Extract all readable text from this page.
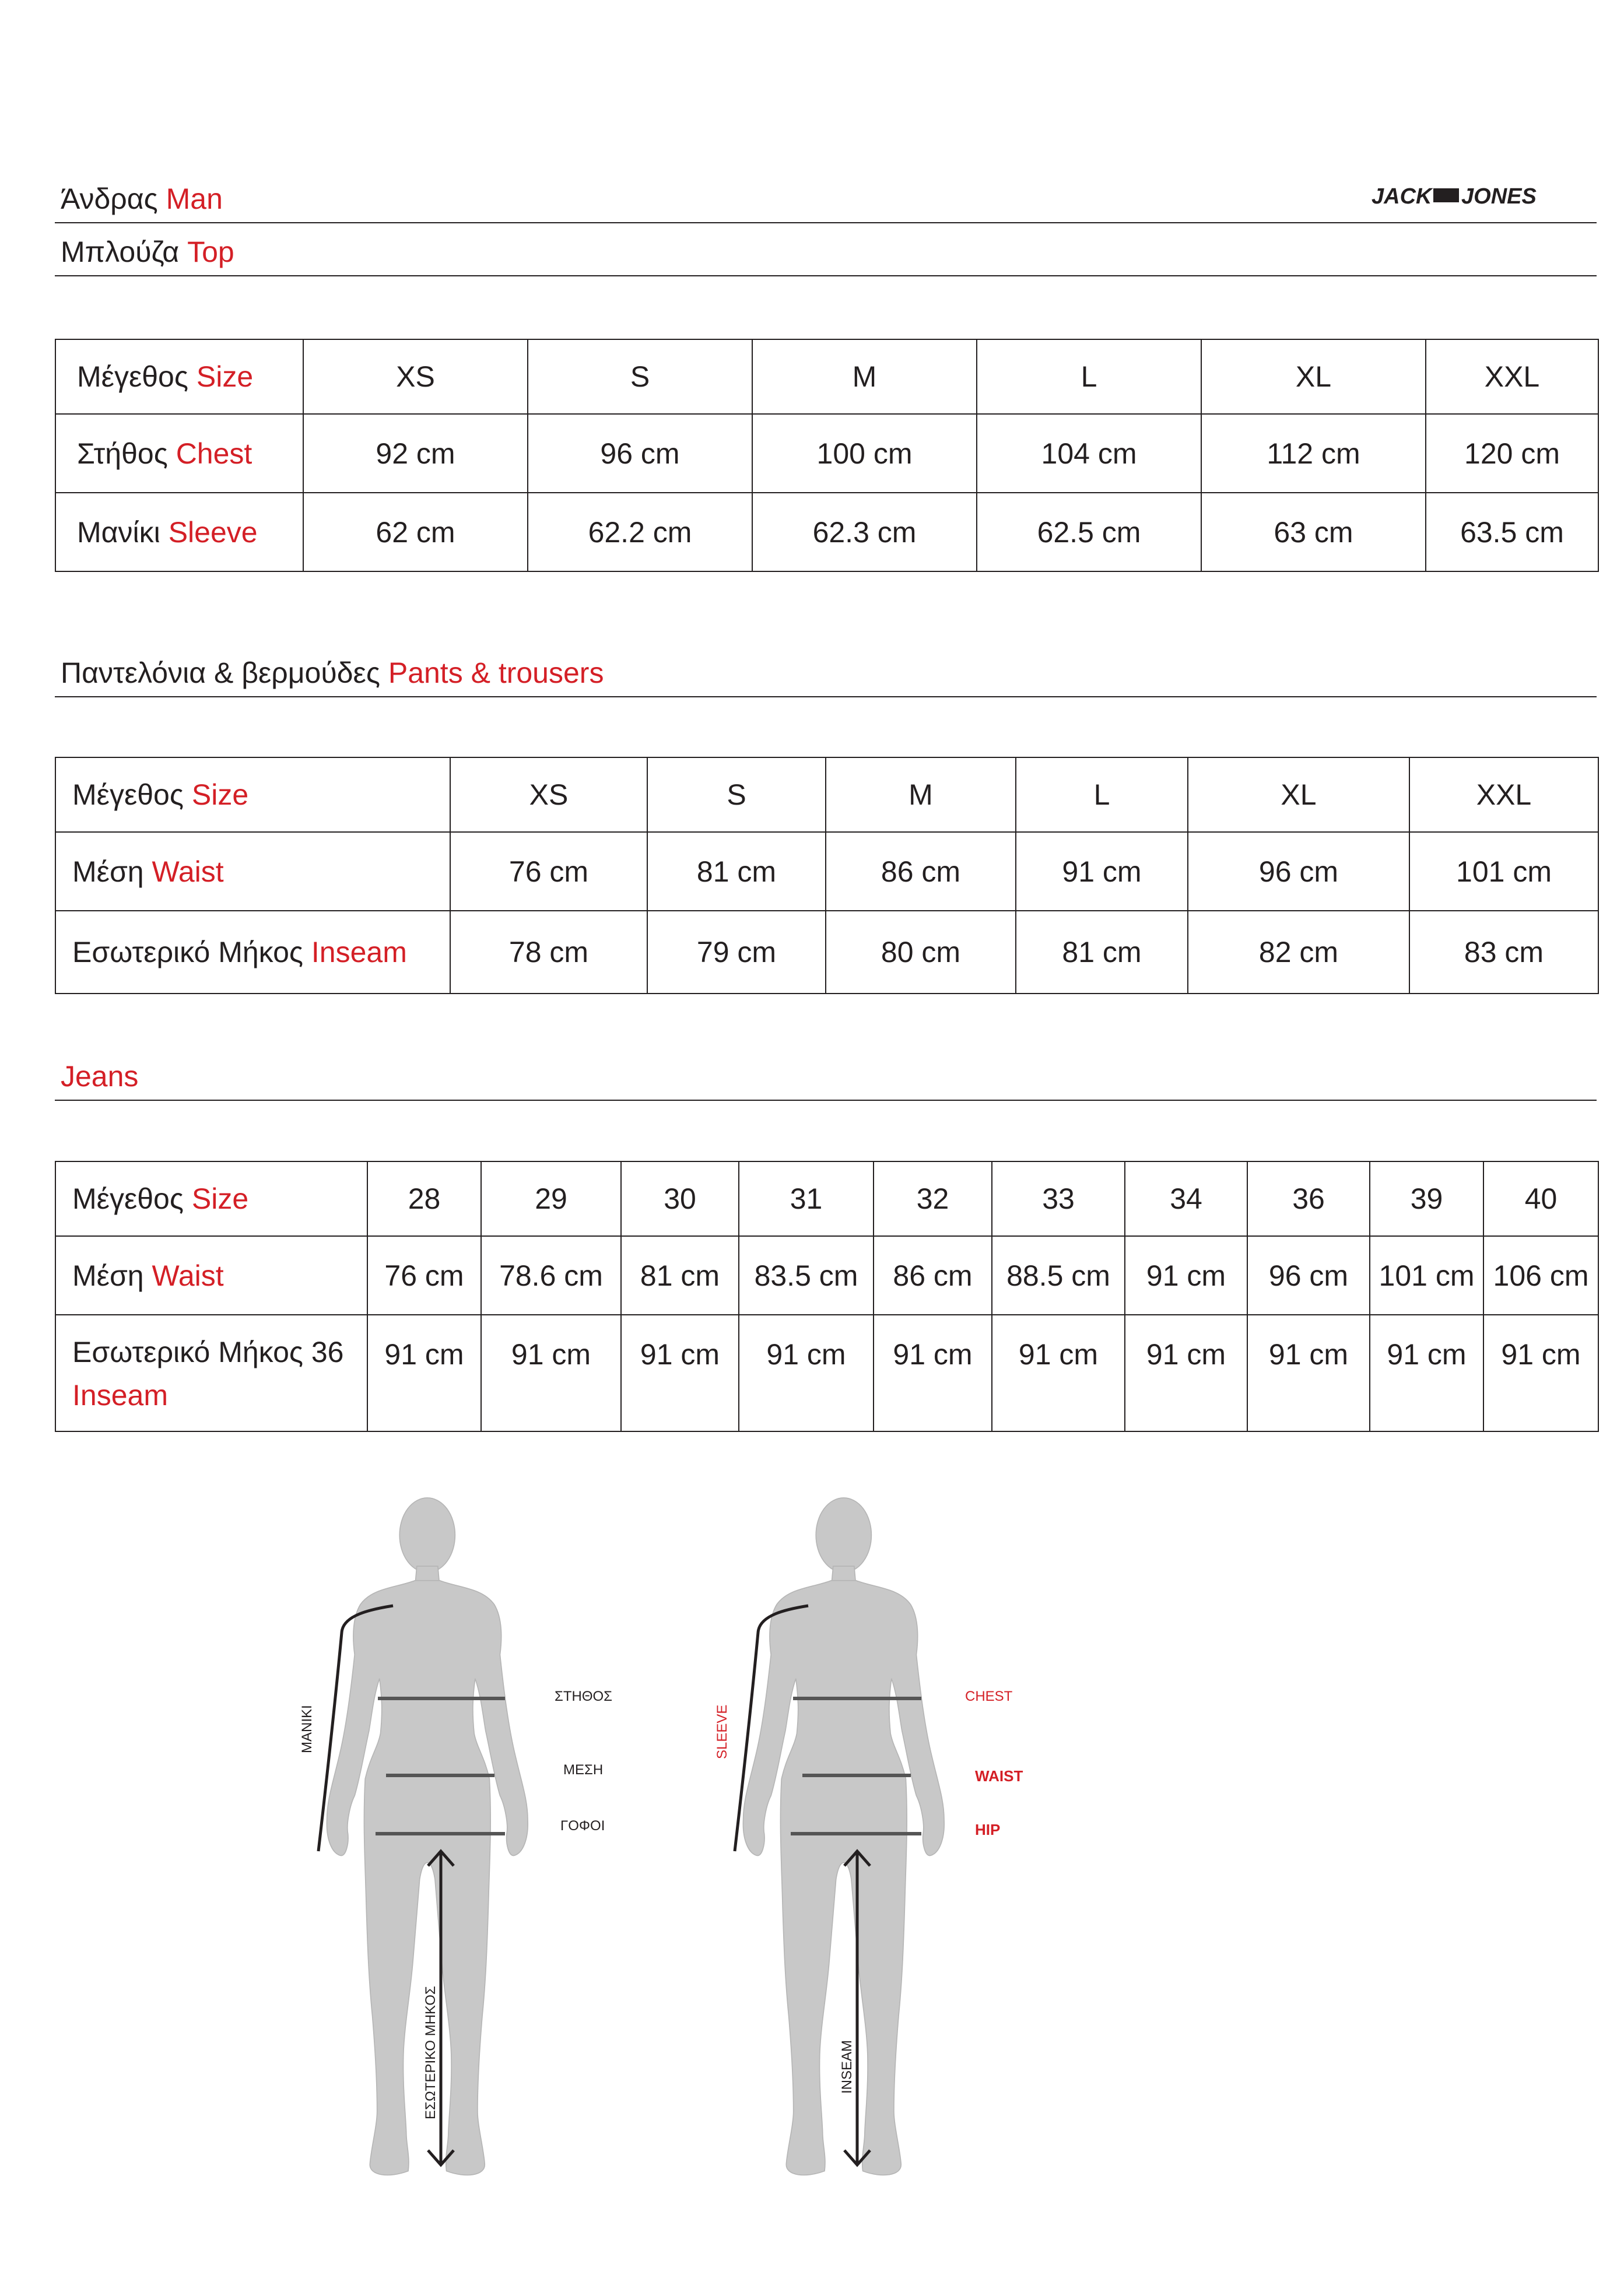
Άνδρας Man	JACK JONES
Μπλούζα Top
Μέγεθος Size	XS	S	M	L	XL	XXL
Στήθος Chest	92 cm	96 cm	100 cm	104 cm	112 cm	120 cm
Μανίκι Sleeve	62 cm	62.2 cm	62.3 cm	62.5 cm	63 cm	63.5 cm
Παντελόνια & βερμούδες Pants & trousers
Μέγεθος Size	XS	S	M	L	XL	XXL
Μέση Waist	76 cm	81 cm	86 cm	91 cm	96 cm	101 cm
Εσωτερικό Μήκος Inseam	78 cm	79 cm	80 cm	81 cm	82 cm	83 cm
Jeans
Μέγεθος Size	28	29	30	31	32	33	34	36	39	40
Μέση Waist	76 cm	78.6 cm	81 cm	83.5 cm	86 cm	88.5 cm	91 cm	96 cm	101 cm	106 cm
Εσωτερικό Μήκος 36
Inseam	91 cm	91 cm	91 cm	91 cm	91 cm	91 cm	91 cm	91 cm	91 cm	91 cm
ΜΑΝΙΚΙ
ΣΤΗΘΟΣ
ΜΕΣΗ
ΓΟΦΟΙ
ΕΣΩΤΕΡΙΚΟ ΜΗΚΟΣ
SLEEVE
CHEST
WAIST
HIP
INSEAM
